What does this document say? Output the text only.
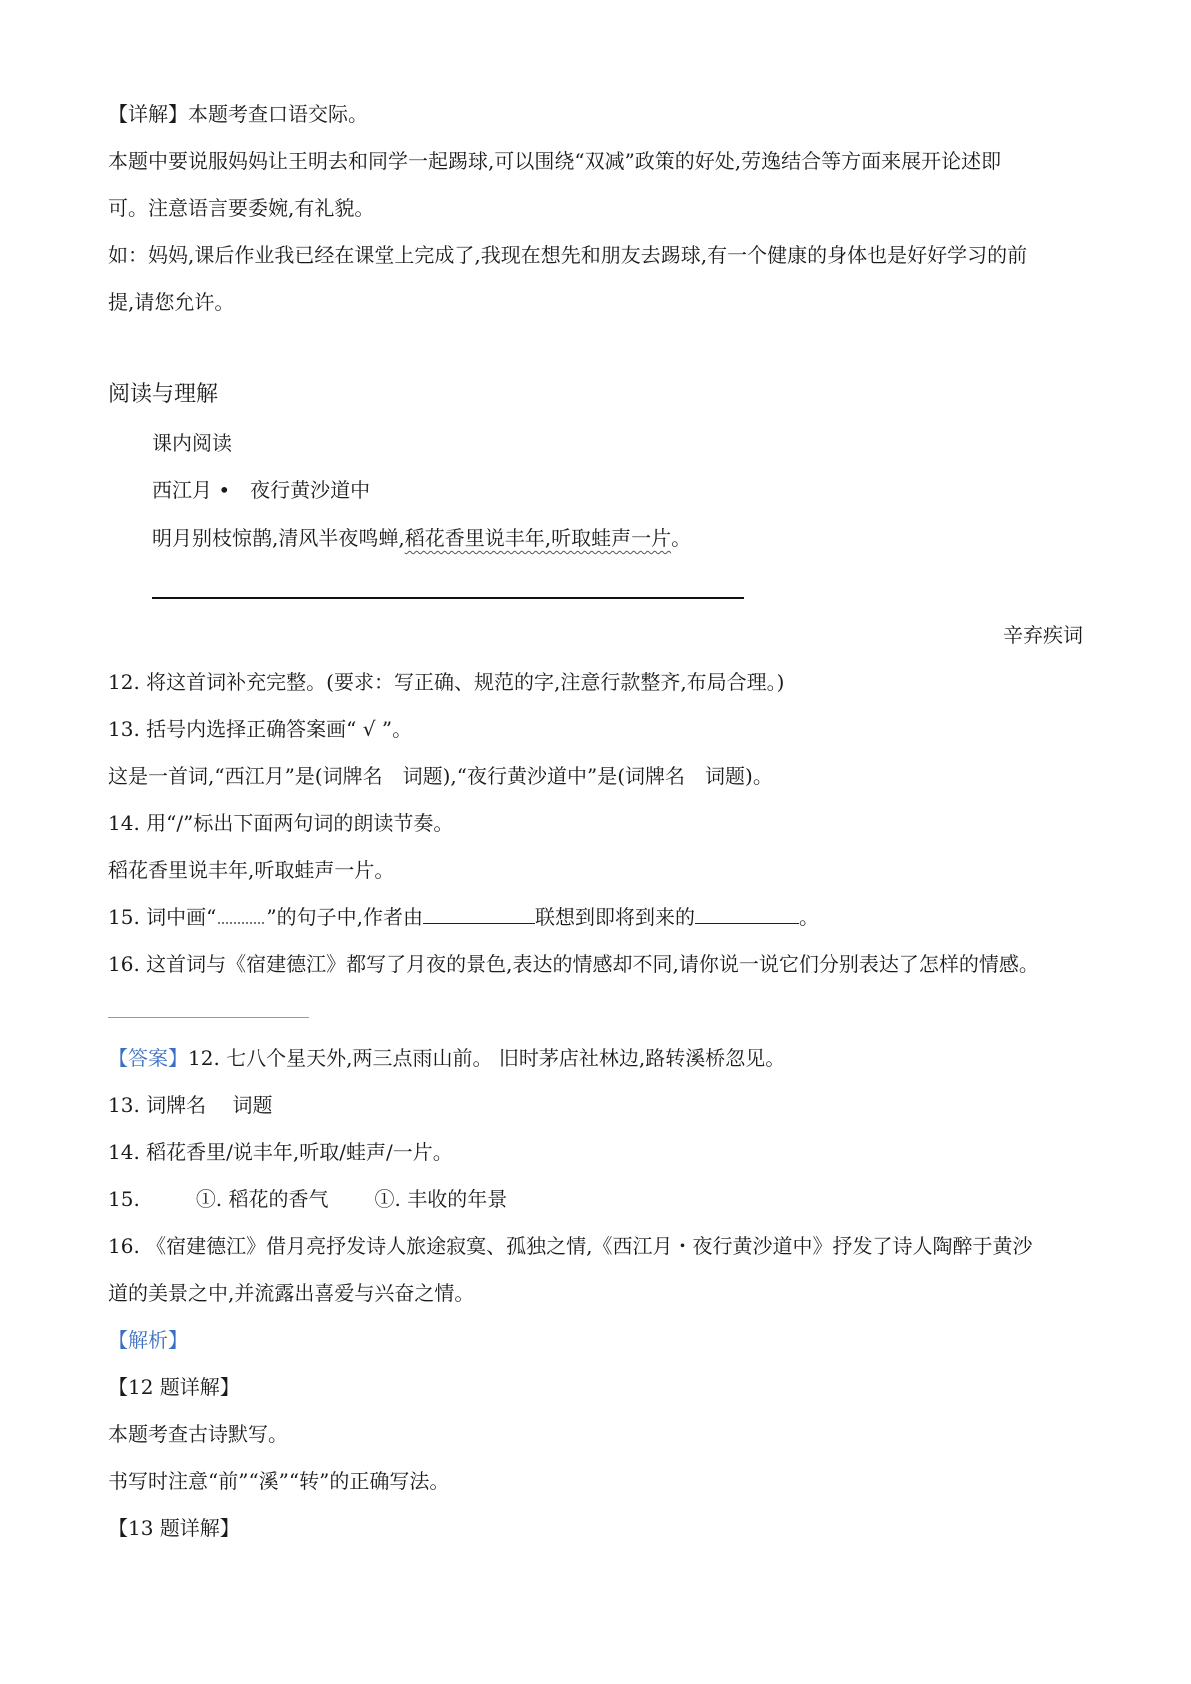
【详解】本题考查口语交际。
本题中要说服妈妈让王明去和同学一起踢球,可以围绕“双减”政策的好处,劳逸结合等方面来展开论述即
可。注意语言要委婉,有礼貌。
如：妈妈,课后作业我已经在课堂上完成了,我现在想先和朋友去踢球,有一个健康的身体也是好好学习的前
提,请您允许。
阅读与理解
课内阅读
西江月 •　夜行黄沙道中
明月别枝惊鹊,清风半夜鸣蝉,稻花香里说丰年,听取蛙声一片。
辛弃疾词
12. 将这首词补充完整。(要求：写正确、规范的字,注意行款整齐,布局合理。)
13. 括号内选择正确答案画“ √ ”。
这是一首词,“西江月”是(词牌名　词题),“夜行黄沙道中”是(词牌名　词题)。
14. 用“/”标出下面两句词的朗读节奏。
稻花香里说丰年,听取蛙声一片。
15. 词中画“	”的句子中,作者由	联想到即将到来的	。
16. 这首词与《宿建德江》都写了月夜的景色,表达的情感却不同,请你说一说它们分别表达了怎样的情感。
【答案】12. 七八个星天外,两三点雨山前。 旧时茅店社林边,路转溪桥忽见。
13. 词牌名　 词题
14. 稻花香里/说丰年,听取/蛙声/一片。
15.	①. 稻花的香气 ①. 丰收的年景
16. 《宿建德江》借月亮抒发诗人旅途寂寞、孤独之情,《西江月・夜行黄沙道中》抒发了诗人陶醉于黄沙
道的美景之中,并流露出喜爱与兴奋之情。
【解析】
【12 题详解】
本题考查古诗默写。
书写时注意“前”“溪”“转”的正确写法。
【13 题详解】
